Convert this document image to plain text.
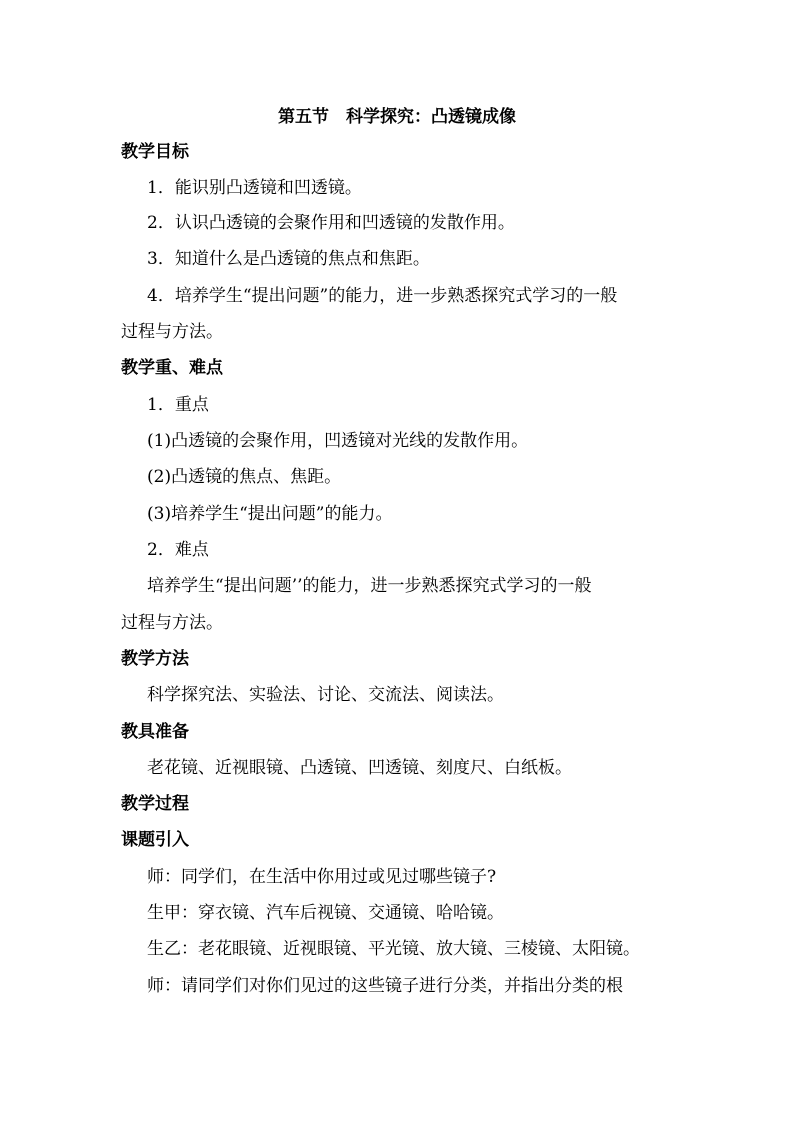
第五节　科学探究：凸透镜成像
教学目标
1．能识别凸透镜和凹透镜。
2．认识凸透镜的会聚作用和凹透镜的发散作用。
3．知道什么是凸透镜的焦点和焦距。
4．培养学生“提出问题”的能力，进一步熟悉探究式学习的一般
过程与方法。
教学重、难点
1．重点
(1)凸透镜的会聚作用，凹透镜对光线的发散作用。
(2)凸透镜的焦点、焦距。
(3)培养学生“提出问题”的能力。
2．难点
培养学生“提出问题’’的能力，进一步熟悉探究式学习的一般
过程与方法。
教学方法
科学探究法、实验法、讨论、交流法、阅读法。
教具准备
老花镜、近视眼镜、凸透镜、凹透镜、刻度尺、白纸板。
教学过程
课题引入
师：同学们，在生活中你用过或见过哪些镜子?
生甲：穿衣镜、汽车后视镜、交通镜、哈哈镜。
生乙：老花眼镜、近视眼镜、平光镜、放大镜、三棱镜、太阳镜。
师：请同学们对你们见过的这些镜子进行分类，并指出分类的根
